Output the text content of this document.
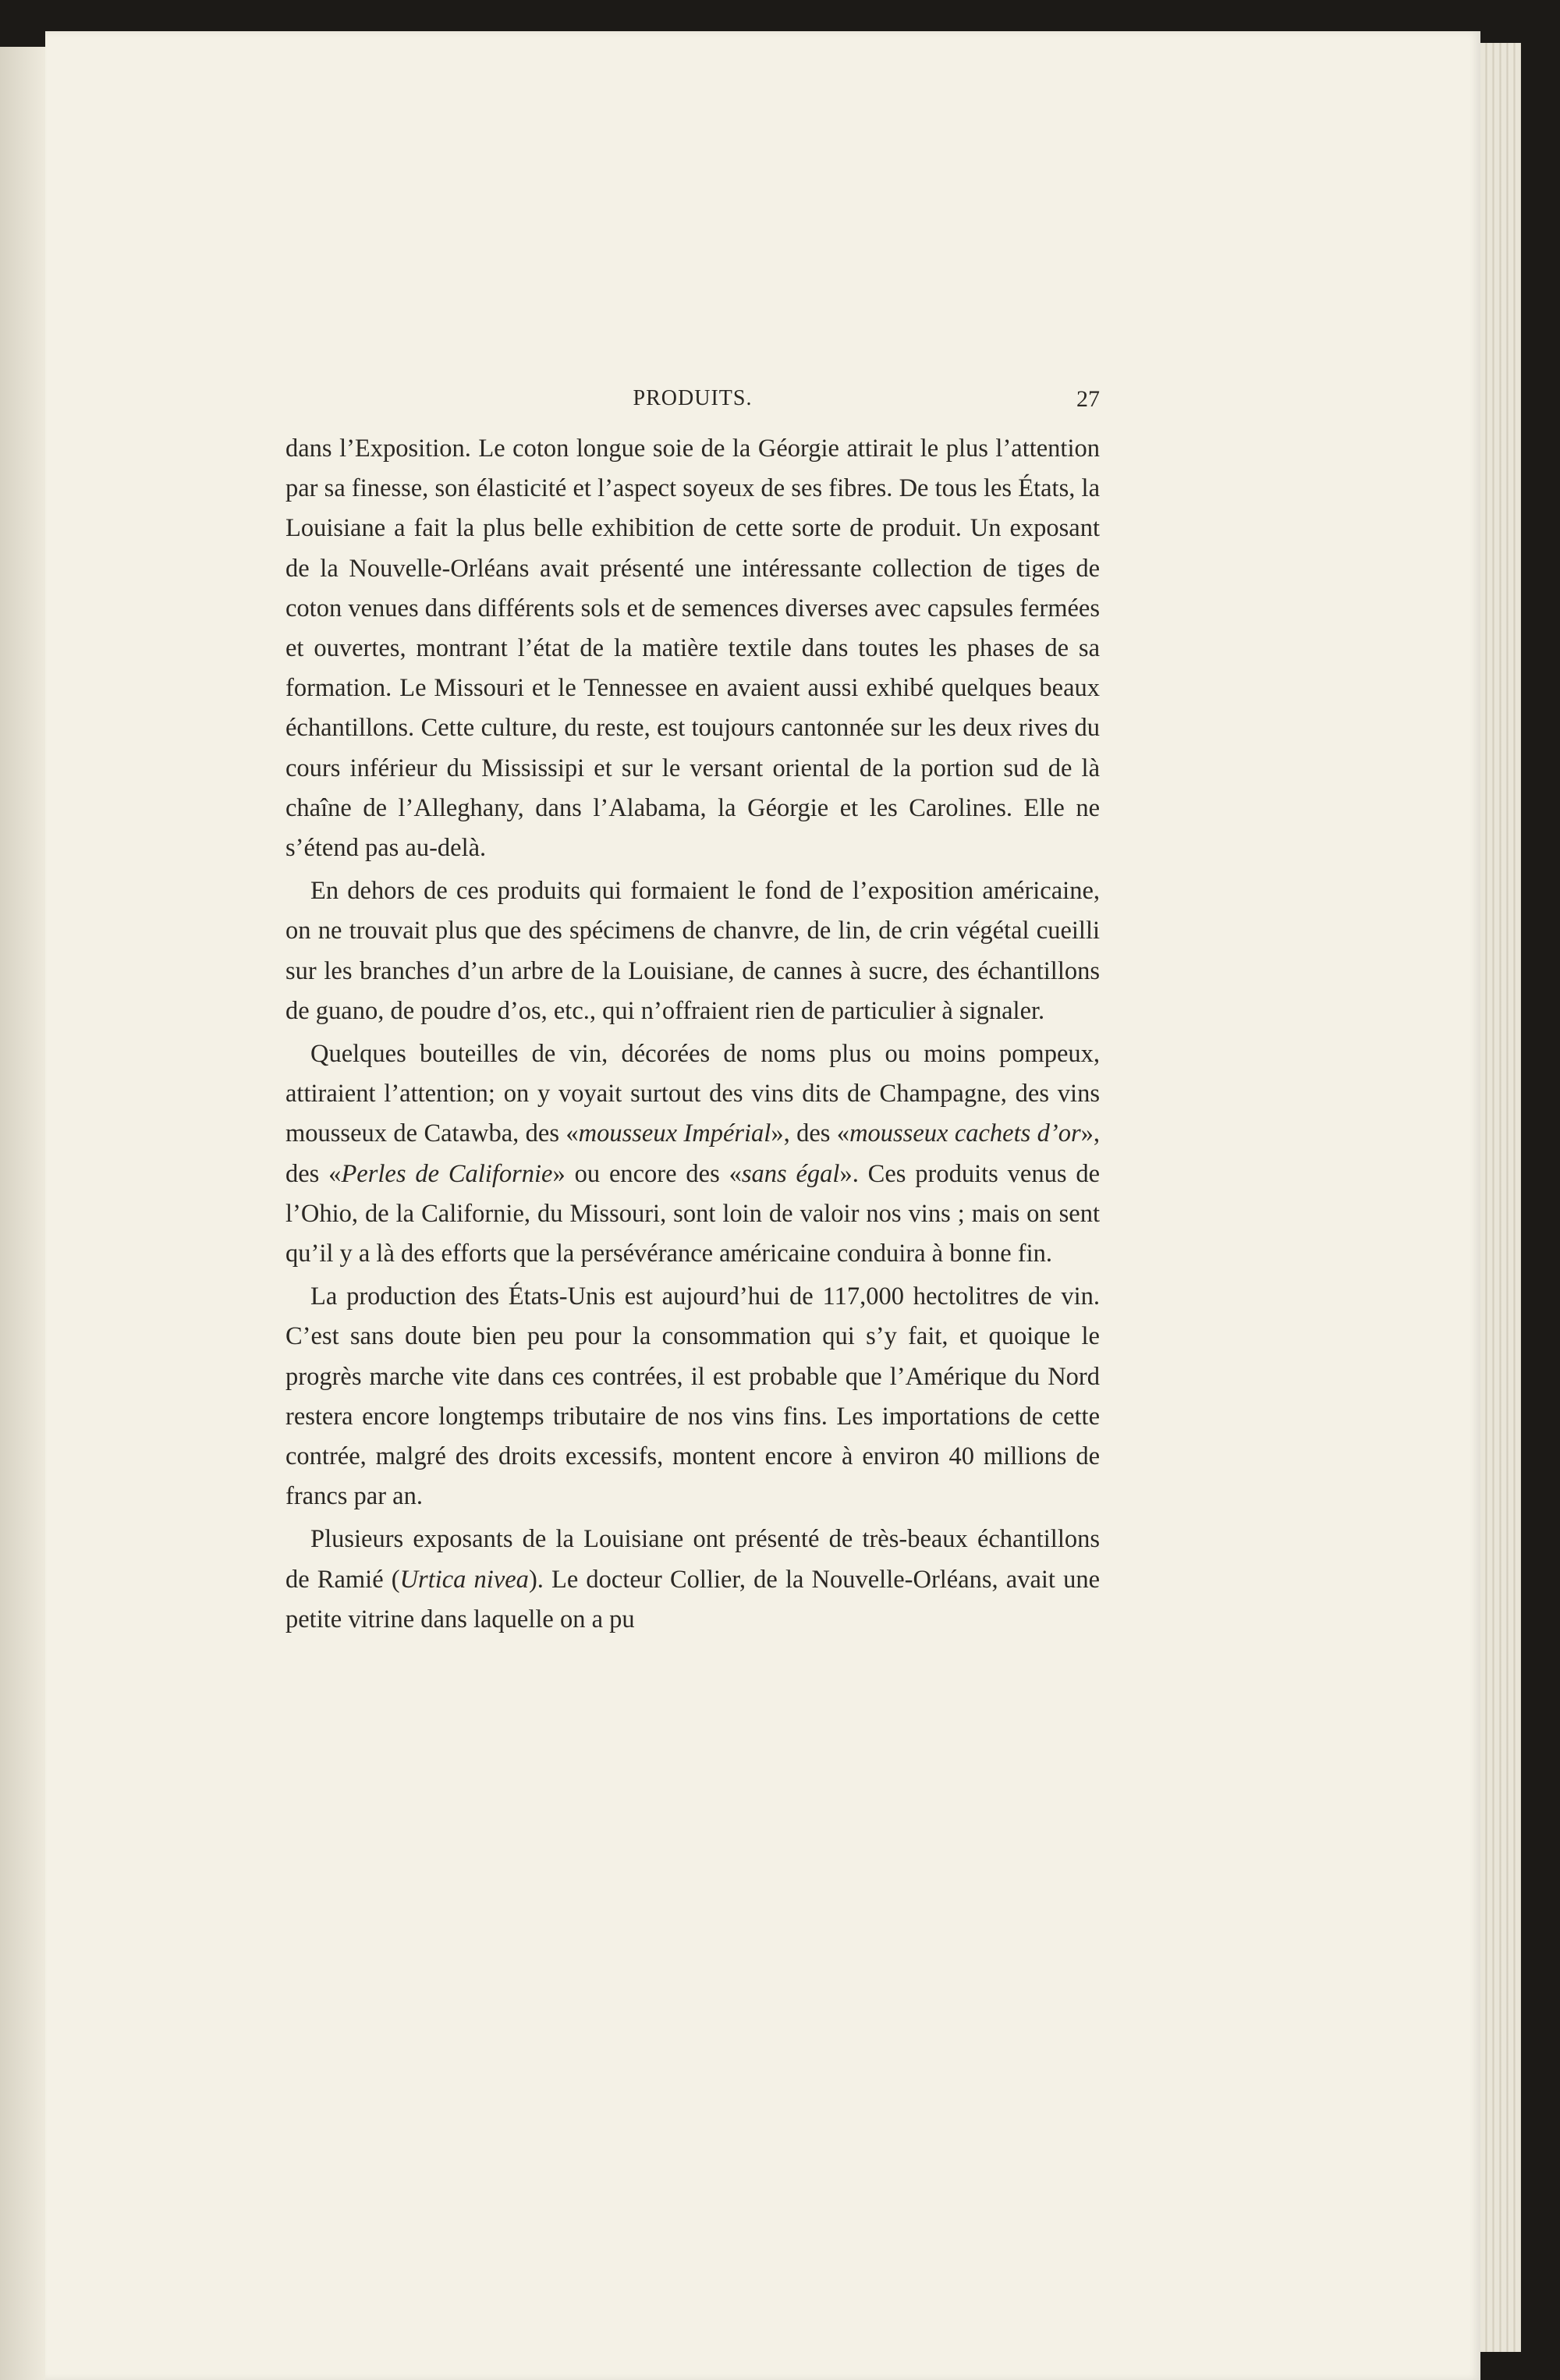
PRODUITS.	27

dans l’Exposition. Le coton longue soie de la Géorgie attirait le plus l’attention par sa finesse, son élasticité et l’aspect soyeux de ses fibres. De tous les États, la Louisiane a fait la plus belle exhibition de cette sorte de produit. Un exposant de la Nouvelle-Orléans avait présenté une intéressante collection de tiges de coton venues dans différents sols et de semences diverses avec capsules fermées et ouvertes, montrant l’état de la matière textile dans toutes les phases de sa formation. Le Missouri et le Tennessee en avaient aussi exhibé quelques beaux échantillons. Cette culture, du reste, est toujours cantonnée sur les deux rives du cours inférieur du Mississipi et sur le versant oriental de la portion sud de là chaîne de l’Alleghany, dans l’Alabama, la Géorgie et les Carolines. Elle ne s’étend pas au-delà.

En dehors de ces produits qui formaient le fond de l’exposition américaine, on ne trouvait plus que des spécimens de chanvre, de lin, de crin végétal cueilli sur les branches d’un arbre de la Louisiane, de cannes à sucre, des échantillons de guano, de poudre d’os, etc., qui n’offraient rien de particulier à signaler.

Quelques bouteilles de vin, décorées de noms plus ou moins pompeux, attiraient l’attention; on y voyait surtout des vins dits de Champagne, des vins mousseux de Catawba, des «mousseux Impérial», des «mousseux cachets d’or», des «Perles de Californie» ou encore des «sans égal». Ces produits venus de l’Ohio, de la Californie, du Missouri, sont loin de valoir nos vins ; mais on sent qu’il y a là des efforts que la persévérance américaine conduira à bonne fin.

La production des États-Unis est aujourd’hui de 117,000 hectolitres de vin. C’est sans doute bien peu pour la consommation qui s’y fait, et quoique le progrès marche vite dans ces contrées, il est probable que l’Amérique du Nord restera encore longtemps tributaire de nos vins fins. Les importations de cette contrée, malgré des droits excessifs, montent encore à environ 40 millions de francs par an.

Plusieurs exposants de la Louisiane ont présenté de très-beaux échantillons de Ramié (Urtica nivea). Le docteur Collier, de la Nouvelle-Orléans, avait une petite vitrine dans laquelle on a pu
